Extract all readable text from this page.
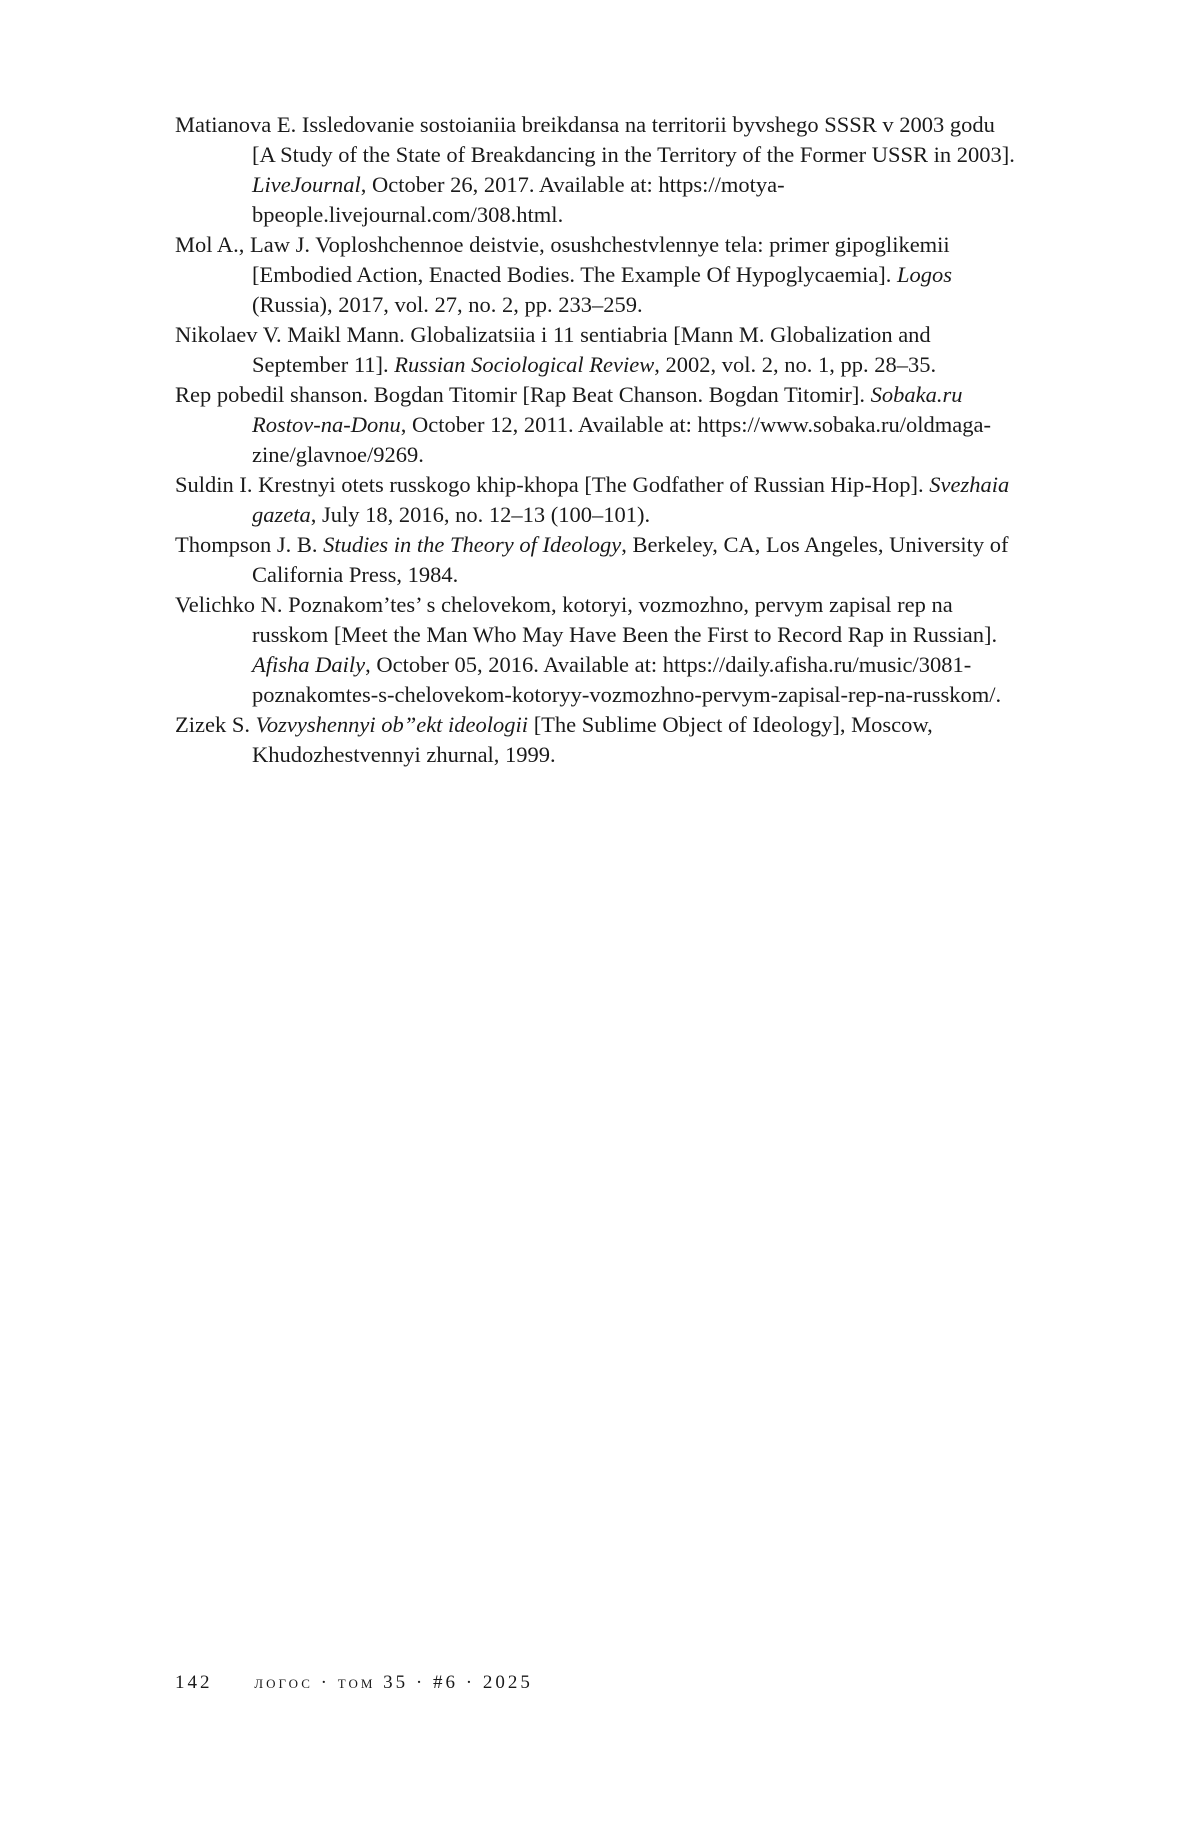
Matianova E. Issledovanie sostoianiia breikdansa na territorii byvshego SSSR v 2003 godu [A Study of the State of Breakdancing in the Territory of the Former USSR in 2003]. LiveJournal, October 26, 2017. Available at: https://motya-bpeople.livejournal.com/308.html.

Mol A., Law J. Voploshchennoe deistvie, osushchestvlennye tela: primer gipoglikemii [Embodied Action, Enacted Bodies. The Example Of Hypoglycaemia]. Logos (Russia), 2017, vol. 27, no. 2, pp. 233–259.

Nikolaev V. Maikl Mann. Globalizatsiia i 11 sentiabria [Mann M. Globalization and September 11]. Russian Sociological Review, 2002, vol. 2, no. 1, pp. 28–35.

Rep pobedil shanson. Bogdan Titomir [Rap Beat Chanson. Bogdan Titomir]. Sobaka.ru Rostov-na-Donu, October 12, 2011. Available at: https://www.sobaka.ru/oldmaga-zine/glavnoe/9269.

Suldin I. Krestnyi otets russkogo khip-khopa [The Godfather of Russian Hip-Hop]. Svezhaia gazeta, July 18, 2016, no. 12–13 (100–101).

Thompson J. B. Studies in the Theory of Ideology, Berkeley, CA, Los Angeles, University of California Press, 1984.

Velichko N. Poznakom’tes’ s chelovekom, kotoryi, vozmozhno, pervym zapisal rep na russkom [Meet the Man Who May Have Been the First to Record Rap in Russian]. Afisha Daily, October 05, 2016. Available at: https://daily.afisha.ru/music/3081-poznakomtes-s-chelovekom-kotoryy-vozmozhno-pervym-zapisal-rep-na-russkom/.

Zizek S. Vozvyshennyi ob”ekt ideologii [The Sublime Object of Ideology], Moscow, Khudozhestvennyi zhurnal, 1999.

142 логос · том 35 · #6 · 2025
